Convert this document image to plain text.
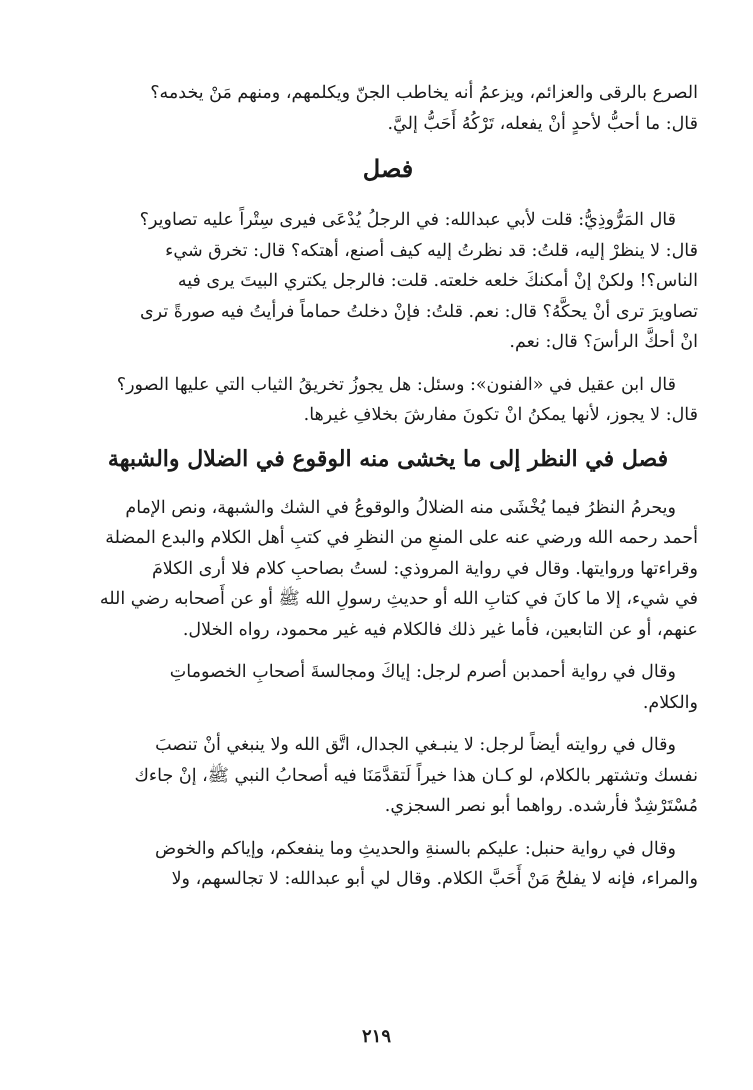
الصرع بالرقى والعزائم، ويزعمُ أنه يخاطب الجنّ ويكلمهم، ومنهم مَنْ يخدمه؟

قال: ما أحبُّ لأحدٍ أنْ يفعله، تَرْكُهُ أَحَبُّ إليَّ.

فصل

قال المَرُّوذِيُّ: قلت لأبي عبدالله: في الرجلُ يُدْعَى فيرى سِتْراً عليه تصاوير؟

قال: لا ينظرْ إليه، قلتُ: قد نظرتُ إليه كيف أصنع، أهتكه؟ قال: تخرق شيء

الناس؟! ولكنْ إنْ أمكنكَ خلعه خلعته. قلت: فالرجل يكتري البيتَ يرى فيه

تصاويرَ ترى أنْ يحكَّهُ؟ قال: نعم. قلتُ: فإنْ دخلتُ حماماً فرأيتُ فيه صورةً ترى

انْ أحكَّ الرأسَ؟ قال: نعم.

قال ابن عقيل في «الفنون»: وسئل: هل يجوزُ تخريقُ الثياب التي عليها الصور؟

قال: لا يجوز، لأنها يمكنُ انْ تكونَ مفارشَ بخلافِ غيرها.

فصل في النظر إلى ما يخشى منه الوقوع في الضلال والشبهة

ويحرمُ النظرُ فيما يُخْشَى منه الضلالُ والوقوعُ في الشك والشبهة، ونص الإمام

أحمد رحمه الله ورضي عنه على المنعِ من النظرِ في كتبِ أهل الكلام والبدع المضلة

وقراءتها وروايتها. وقال في رواية المروذي: لستُ بصاحبِ كلام فلا أرى الكلامَ

في شيء، إلا ما كانَ في كتابِ الله أو حديثِ رسولِ الله ﷺ أو عن أَصحابه رضي الله

عنهم، أو عن التابعين، فأما غير ذلك فالكلام فيه غير محمود، رواه الخلال.

وقال في رواية أحمدبن أصرم لرجل: إياكَ ومجالسةَ أصحابِ الخصوماتِ

والكلام.

وقال في روايته أيضاً لرجل: لا ينبـغي الجدال، اتَّق الله ولا ينبغي أنْ تنصبَ

نفسك وتشتهر بالكلام، لو كـان هذا خيراً لَتقدَّمَنَا فيه أصحابُ النبي ﷺ، إنْ جاءك

مُسْتَرْشِدٌ فأرشده. رواهما أبو نصر السجزي.

وقال في رواية حنبل: عليكم بالسنةِ والحديثِ وما ينفعكم، وإياكم والخوض

والمراء، فإنه لا يفلحُ مَنْ أَحَبَّ الكلام. وقال لي أبو عبدالله: لا تجالسهم، ولا

٢١٩
